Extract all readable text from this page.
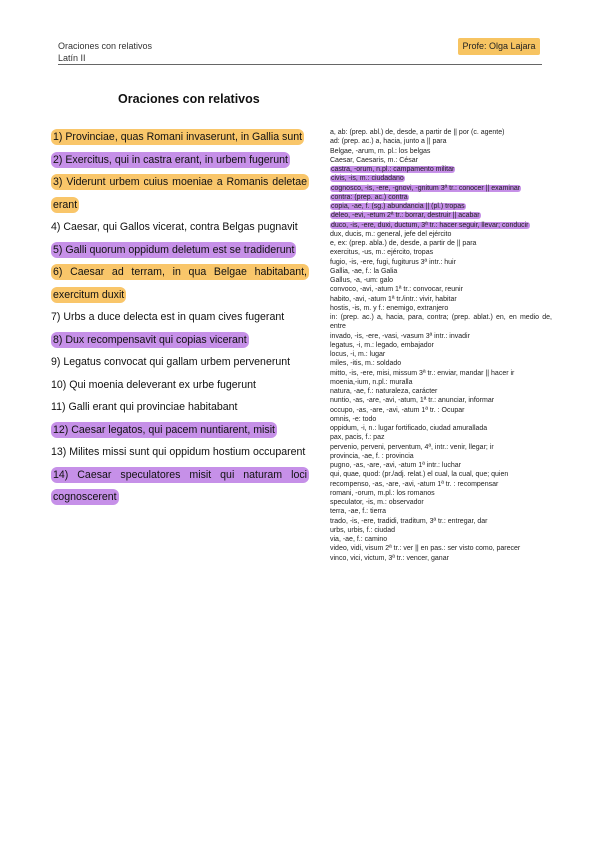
Oraciones con relativos
Latín II
Profe: Olga Lajara
Oraciones con relativos
1) Provinciae, quas Romani invaserunt, in Gallia sunt
2) Exercitus, qui in castra erant, in urbem fugerunt
3) Viderunt urbem cuius moeniae a Romanis deletae erant
4) Caesar, qui Gallos vicerat, contra Belgas pugnavit
5) Galli quorum oppidum deletum est se tradiderunt
6) Caesar ad terram, in qua Belgae habitabant, exercitum duxit
7) Urbs a duce delecta est in quam cives fugerant
8) Dux recompensavit qui copias vicerant
9) Legatus convocat qui gallam urbem pervenerunt
10) Qui moenia deleverant ex urbe fugerunt
11) Galli erant qui provinciae habitabant
12) Caesar legatos, qui pacem nuntiarent, misit
13) Milites missi sunt qui oppidum hostium occuparent
14) Caesar speculatores misit qui naturam loci cognoscerent
a, ab: (prep. abl.) de, desde, a partir de || por (c. agente)
ad: (prep. ac.) a, hacia, junto a || para
Belgae, -arum, m. pl.: los belgas
Caesar, Caesaris, m.: César
castra, -orum, n.pl.: campamento militar
civis, -is, m.: ciudadano
cognosco, -is, -ere, -gnovi, -gnitum 3ª tr.: conocer || examinar
contra: (prep. ac.) contra
copia, -ae, f. (sg.) abundancia || (pl.) tropas
deleo, -evi, -etum 2ª tr.: borrar, destruir || acabar
duco, -is, -ere, duxi, ductum, 3ª tr.: hacer seguir, llevar; conducir
dux, ducis, m.: general, jefe del ejército
e, ex: (prep. abla.) de, desde, a partir de || para
exercitus, -us, m.: ejército, tropas
fugio, -is, -ere, fugi, fugiturus 3ª intr.: huir
Gallia, -ae, f.: la Galia
Gallus, -a, -um: galo
convoco, -avi, -atum 1ª tr.: convocar, reunir
habito, -avi, -atum 1ª tr./intr.: vivir, habitar
hostis, -is, m. y f.: enemigo, extranjero
in: (prep. ac.) a, hacia, para, contra; (prep. ablat.) en, en medio de, entre
invado, -is, -ere, -vasi, -vasum 3ª intr.: invadir
legatus, -i, m.: legado, embajador
locus, -i, m.: lugar
miles, -itis, m.: soldado
mitto, -is, -ere, misi, missum 3ª tr.: enviar, mandar || hacer ir
moenia,-ium, n.pl.: muralla
natura, -ae, f.: naturaleza, carácter
nuntio, -as, -are, -avi, -atum, 1ª tr.: anunciar, informar
occupo, -as, -are, -avi, -atum 1ª tr. : Ocupar
omnis, -e: todo
oppidum, -i, n.: lugar fortificado, ciudad amurallada
pax, pacis, f.: paz
pervenio, perveni, perventum, 4ª, intr.: venir, llegar; ir
provincia, -ae, f. : provincia
pugno, -as, -are, -avi, -atum 1ª intr.: luchar
qui, quae, quod: (pr./adj. relat.) el cual, la cual, que; quien
recompenso, -as, -are, -avi, -atum 1ª tr. : recompensar
romani, -orum, m.pl.: los romanos
speculator, -is, m.: observador
terra, -ae, f.: tierra
trado, -is, -ere, tradidi, traditum, 3ª tr.: entregar, dar
urbs, urbis, f.: ciudad
via, -ae, f.: camino
video, vidi, visum 2ª tr.: ver || en pas.: ser visto como, parecer
vinco, vici, victum, 3ª tr.: vencer, ganar
